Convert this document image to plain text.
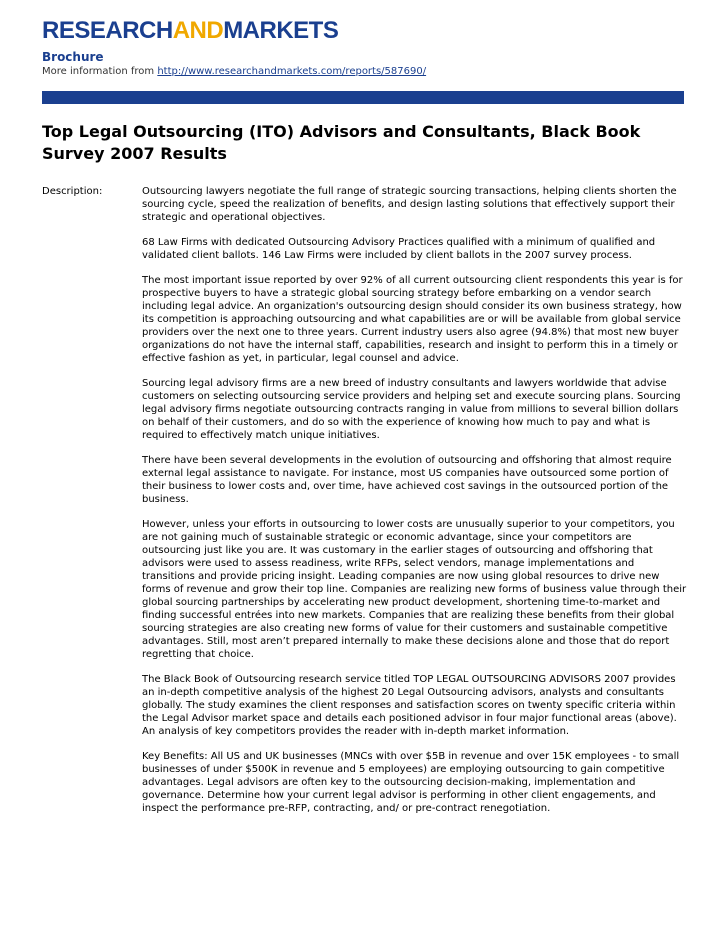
RESEARCHANDMARKETS
Brochure
More information from http://www.researchandmarkets.com/reports/587690/
Top Legal Outsourcing (ITO) Advisors and Consultants, Black Book Survey 2007 Results
Description:	Outsourcing lawyers negotiate the full range of strategic sourcing transactions, helping clients shorten the sourcing cycle, speed the realization of benefits, and design lasting solutions that effectively support their strategic and operational objectives.

68 Law Firms with dedicated Outsourcing Advisory Practices qualified with a minimum of qualified and validated client ballots. 146 Law Firms were included by client ballots in the 2007 survey process.

The most important issue reported by over 92% of all current outsourcing client respondents this year is for prospective buyers to have a strategic global sourcing strategy before embarking on a vendor search including legal advice. An organization's outsourcing design should consider its own business strategy, how its competition is approaching outsourcing and what capabilities are or will be available from global service providers over the next one to three years. Current industry users also agree (94.8%) that most new buyer organizations do not have the internal staff, capabilities, research and insight to perform this in a timely or effective fashion as yet, in particular, legal counsel and advice.

Sourcing legal advisory firms are a new breed of industry consultants and lawyers worldwide that advise customers on selecting outsourcing service providers and helping set and execute sourcing plans. Sourcing legal advisory firms negotiate outsourcing contracts ranging in value from millions to several billion dollars on behalf of their customers, and do so with the experience of knowing how much to pay and what is required to effectively match unique initiatives.

There have been several developments in the evolution of outsourcing and offshoring that almost require external legal assistance to navigate. For instance, most US companies have outsourced some portion of their business to lower costs and, over time, have achieved cost savings in the outsourced portion of the business.

However, unless your efforts in outsourcing to lower costs are unusually superior to your competitors, you are not gaining much of sustainable strategic or economic advantage, since your competitors are outsourcing just like you are. It was customary in the earlier stages of outsourcing and offshoring that advisors were used to assess readiness, write RFPs, select vendors, manage implementations and transitions and provide pricing insight. Leading companies are now using global resources to drive new forms of revenue and grow their top line. Companies are realizing new forms of business value through their global sourcing partnerships by accelerating new product development, shortening time-to-market and finding successful entrées into new markets. Companies that are realizing these benefits from their global sourcing strategies are also creating new forms of value for their customers and sustainable competitive advantages. Still, most aren’t prepared internally to make these decisions alone and those that do report regretting that choice.

The Black Book of Outsourcing research service titled TOP LEGAL OUTSOURCING ADVISORS 2007 provides an in-depth competitive analysis of the highest 20 Legal Outsourcing advisors, analysts and consultants globally. The study examines the client responses and satisfaction scores on twenty specific criteria within the Legal Advisor market space and details each positioned advisor in four major functional areas (above). An analysis of key competitors provides the reader with in-depth market information.

Key Benefits: All US and UK businesses (MNCs with over $5B in revenue and over 15K employees - to small businesses of under $500K in revenue and 5 employees) are employing outsourcing to gain competitive advantages. Legal advisors are often key to the outsourcing decision-making, implementation and governance. Determine how your current legal advisor is performing in other client engagements, and inspect the performance pre-RFP, contracting, and/ or pre-contract renegotiation.
